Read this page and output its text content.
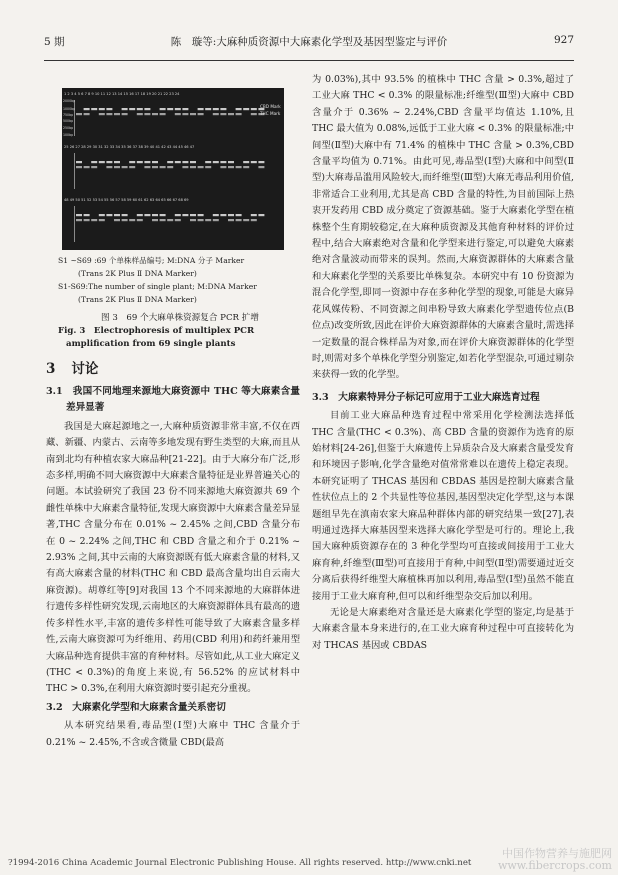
5 期	陈　璇等:大麻种质资源中大麻素化学型及基因型鉴定与评价	927
1 2 3 4 5 6 7 8 9 10 11 12 13 14 15 16 17 18 19 20 21 22 23 24
25 26 27 28 29 30 31 32 33 34 35 36 37 38 39 40 41 42 43 44 45 46 47
48 49 50 51 52 53 54 55 56 57 58 59 60 61 62 63 64 65 66 67 68 69
CBD Mark
THC Mark
2000bp
1000bp
750bp
500bp
250bp
100bp
S1 ~S69 :69 个单株样品编号; M:DNA 分子 Marker
(Trans 2K Plus Ⅱ DNA Marker)
S1-S69:The number of single plant; M:DNA Marker
(Trans 2K Plus Ⅱ DNA Marker)
图 3　69 个大麻单株资源复合 PCR 扩增
Fig. 3　Electrophoresis of multiplex PCR
amplification from 69 single plants
3 讨论
3.1　我国不同地理来源地大麻资源中 THC 等大麻素含量差异显著

我国是大麻起源地之一,大麻种质资源非常丰富,不仅在西藏、新疆、内蒙古、云南等多地发现有野生类型的大麻,而且从南到北均有种植农家大麻品种[21-22]。由于大麻分布广泛,形态多样,明确不同大麻资源中大麻素含量特征是业界普遍关心的问题。本试验研究了我国 23 份不同来源地大麻资源共 69 个雌性单株中大麻素含量特征,发现大麻资源中大麻素含量差异显著,THC 含量分布在 0.01% ~ 2.45% 之间,CBD 含量分布在 0 ~ 2.24% 之间,THC 和 CBD 含量之和介于 0.21% ~ 2.93% 之间,其中云南的大麻资源既有低大麻素含量的材料,又有高大麻素含量的材料(THC 和 CBD 最高含量均出自云南大麻资源)。胡尊红等[9]对我国 13 个不同来源地的大麻群体进行遗传多样性研究发现,云南地区的大麻资源群体具有最高的遗传多样性水平,丰富的遗传多样性可能导致了大麻素含量多样性,云南大麻资源可为纤维用、药用(CBD 利用)和药纤兼用型大麻品种选育提供丰富的育种材料。尽管如此,从工业大麻定义(THC < 0.3%)的角度上来说,有 56.52% 的应试材料中 THC > 0.3%,在利用大麻资源时要引起充分重视。

3.2　大麻素化学型和大麻素含量关系密切

从本研究结果看,毒品型(Ⅰ型)大麻中 THC 含量介于 0.21% ~ 2.45%,不含或含微量 CBD(最高

为 0.03%),其中 93.5% 的植株中 THC 含量 > 0.3%,超过了工业大麻 THC < 0.3% 的限量标准;纤维型(Ⅲ型)大麻中 CBD 含量介于 0.36% ~ 2.24%,CBD 含量平均值达 1.10%,且 THC 最大值为 0.08%,远低于工业大麻 < 0.3% 的限量标准;中间型(Ⅱ型)大麻中有 71.4% 的植株中 THC 含量 > 0.3%,CBD 含量平均值为 0.71%。由此可见,毒品型(Ⅰ型)大麻和中间型(Ⅱ型)大麻毒品滥用风险较大,而纤维型(Ⅲ型)大麻无毒品利用价值,非常适合工业利用,尤其是高 CBD 含量的特性,为目前国际上热衷开发药用 CBD 成分奠定了资源基础。鉴于大麻素化学型在植株整个生育期较稳定,在大麻种质资源及其他育种材料的评价过程中,结合大麻素绝对含量和化学型来进行鉴定,可以避免大麻素绝对含量波动而带来的误判。然而,大麻资源群体的大麻素含量和大麻素化学型的关系要比单株复杂。本研究中有 10 份资源为混合化学型,即同一资源中存在多种化学型的现象,可能是大麻异花风媒传粉、不同资源之间串粉导致大麻素化学型遗传位点(B 位点)改变所致,因此在评价大麻资源群体的大麻素含量时,需选择一定数量的混合株样品为对象,而在评价大麻资源群体的化学型时,则需对多个单株化学型分别鉴定,如若化学型混杂,可通过剔杂来获得一致的化学型。

3.3　大麻素特异分子标记可应用于工业大麻选育过程

目前工业大麻品种选育过程中常采用化学检测法选择低 THC 含量(THC < 0.3%)、高 CBD 含量的资源作为选育的原始材料[24-26],但鉴于大麻遗传上异质杂合及大麻素含量受发育和环境因子影响,化学含量绝对值常常难以在遗传上稳定表现。本研究证明了 THCAS 基因和 CBDAS 基因是控制大麻素含量性状位点上的 2 个共显性等位基因,基因型决定化学型,这与本课题组早先在滇南农家大麻品种群体内部的研究结果一致[27],表明通过选择大麻基因型来选择大麻化学型是可行的。理论上,我国大麻种质资源存在的 3 种化学型均可直接或间接用于工业大麻育种,纤维型(Ⅲ型)可直接用于育种,中间型(Ⅱ型)需要通过近交分离后获得纤维型大麻植株再加以利用,毒品型(Ⅰ型)虽然不能直接用于工业大麻育种,但可以和纤维型杂交后加以利用。

无论是大麻素绝对含量还是大麻素化学型的鉴定,均是基于大麻素含量本身来进行的,在工业大麻育种过程中可直接转化为对 THCAS 基因或 CBDAS

?1994-2016 China Academic Journal Electronic Publishing House. All rights reserved. http://www.cnki.net
中国作物营养与施肥网
www.fibercrops.com
